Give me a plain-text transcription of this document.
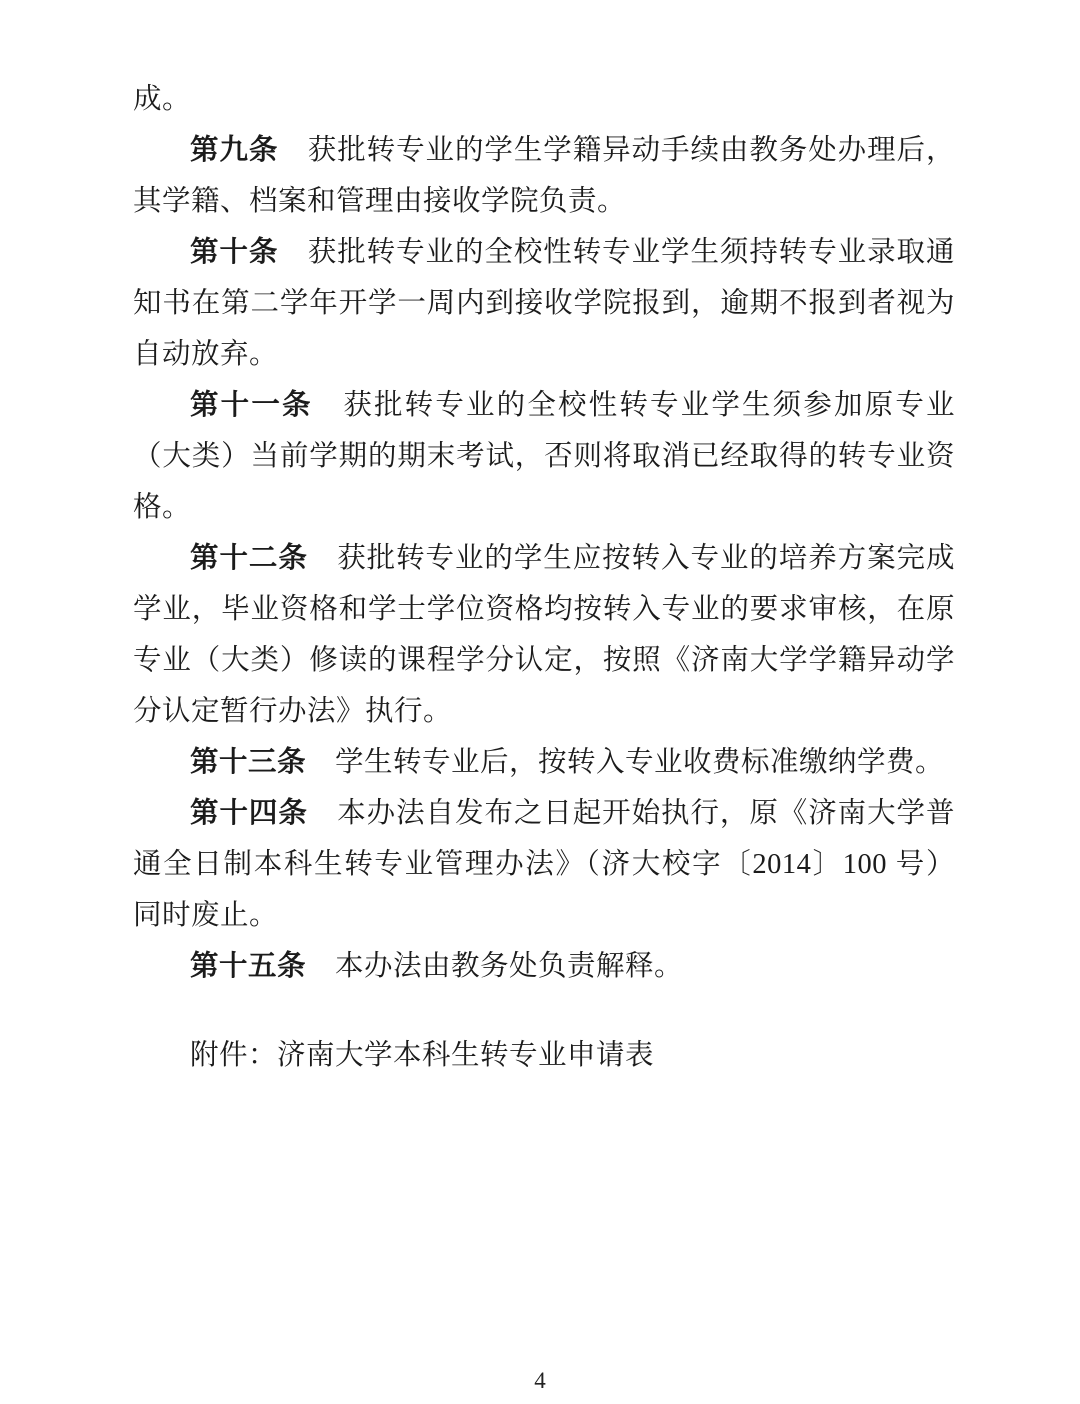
成。
第九条　获批转专业的学生学籍异动手续由教务处办理后，
其学籍、档案和管理由接收学院负责。
第十条　获批转专业的全校性转专业学生须持转专业录取通
知书在第二学年开学一周内到接收学院报到，逾期不报到者视为
自动放弃。
第十一条　获批转专业的全校性转专业学生须参加原专业
（大类）当前学期的期末考试，否则将取消已经取得的转专业资
格。
第十二条　获批转专业的学生应按转入专业的培养方案完成
学业，毕业资格和学士学位资格均按转入专业的要求审核，在原
专业（大类）修读的课程学分认定，按照《济南大学学籍异动学
分认定暂行办法》执行。
第十三条　学生转专业后，按转入专业收费标准缴纳学费。
第十四条　本办法自发布之日起开始执行，原《济南大学普
通全日制本科生转专业管理办法》（济大校字〔2014〕100 号）
同时废止。
第十五条　本办法由教务处负责解释。
附件：济南大学本科生转专业申请表
4
